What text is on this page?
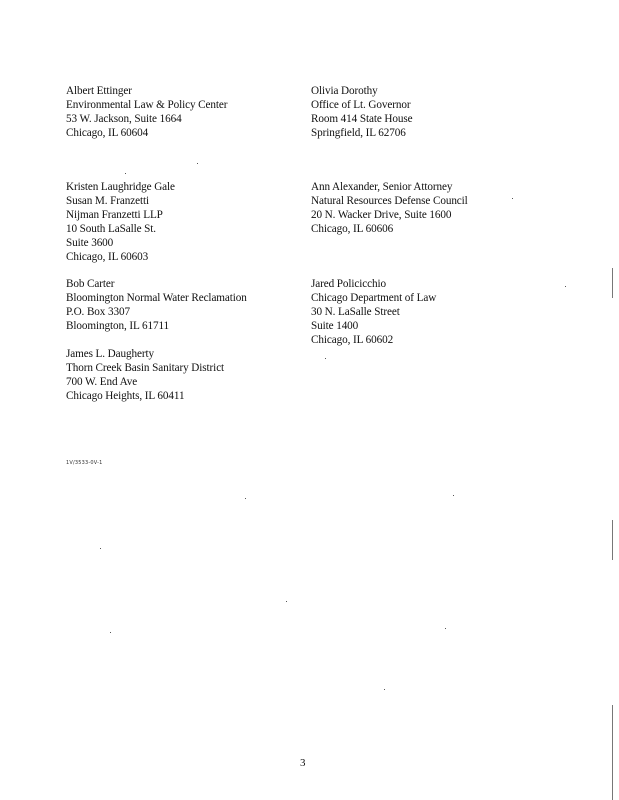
Albert Ettinger
Environmental Law & Policy Center
53 W. Jackson, Suite 1664
Chicago, IL 60604
Olivia Dorothy
Office of Lt. Governor
Room 414 State House
Springfield, IL 62706
Kristen Laughridge Gale
Susan M. Franzetti
Nijman Franzetti LLP
10 South LaSalle St.
Suite 3600
Chicago, IL 60603
Ann Alexander, Senior Attorney
Natural Resources Defense Council
20 N. Wacker Drive, Suite 1600
Chicago, IL 60606
Bob Carter
Bloomington Normal Water Reclamation
P.O. Box 3307
Bloomington, IL 61711
Jared Policicchio
Chicago Department of Law
30 N. LaSalle Street
Suite 1400
Chicago, IL 60602
James L. Daugherty
Thorn Creek Basin Sanitary District
700 W. End Ave
Chicago Heights, IL 60411
1V/3533-0V-1
3
